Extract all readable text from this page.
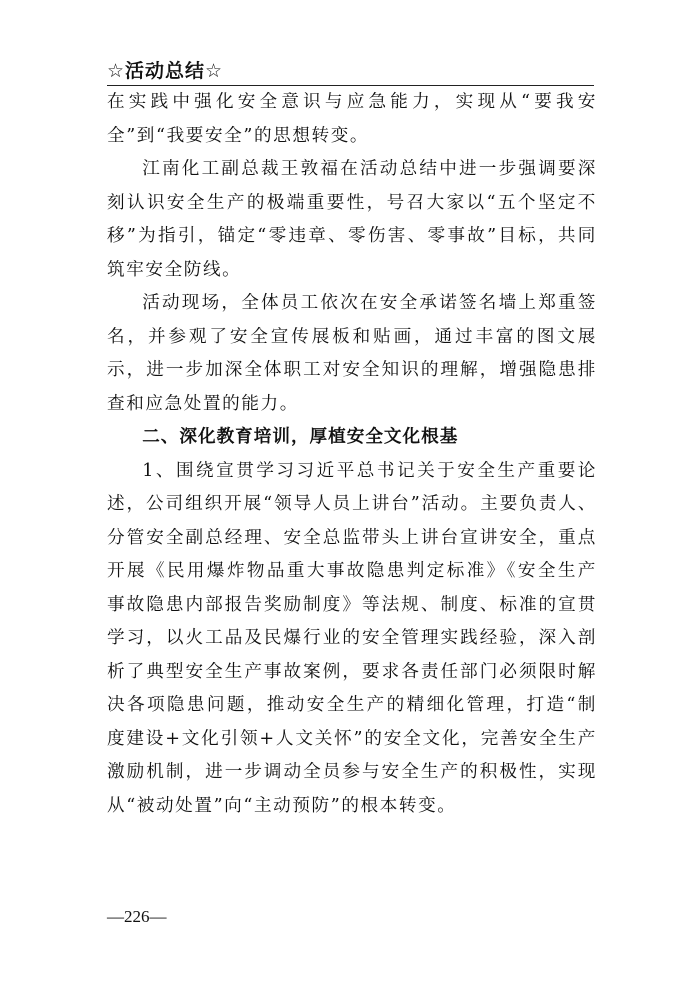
☆活动总结☆

在实践中强化安全意识与应急能力，实现从“要我安全”到“我要安全”的思想转变。

江南化工副总裁王敦福在活动总结中进一步强调要深刻认识安全生产的极端重要性，号召大家以“五个坚定不移”为指引，锚定“零违章、零伤害、零事故”目标，共同筑牢安全防线。

活动现场，全体员工依次在安全承诺签名墙上郑重签名，并参观了安全宣传展板和贴画，通过丰富的图文展示，进一步加深全体职工对安全知识的理解，增强隐患排查和应急处置的能力。

二、深化教育培训，厚植安全文化根基

1、围绕宣贯学习习近平总书记关于安全生产重要论述，公司组织开展“领导人员上讲台”活动。主要负责人、分管安全副总经理、安全总监带头上讲台宣讲安全，重点开展《民用爆炸物品重大事故隐患判定标准》《安全生产事故隐患内部报告奖励制度》等法规、制度、标准的宣贯学习，以火工品及民爆行业的安全管理实践经验，深入剖析了典型安全生产事故案例，要求各责任部门必须限时解决各项隐患问题，推动安全生产的精细化管理，打造“制度建设+文化引领+人文关怀”的安全文化，完善安全生产激励机制，进一步调动全员参与安全生产的积极性，实现从“被动处置”向“主动预防”的根本转变。

—226—
